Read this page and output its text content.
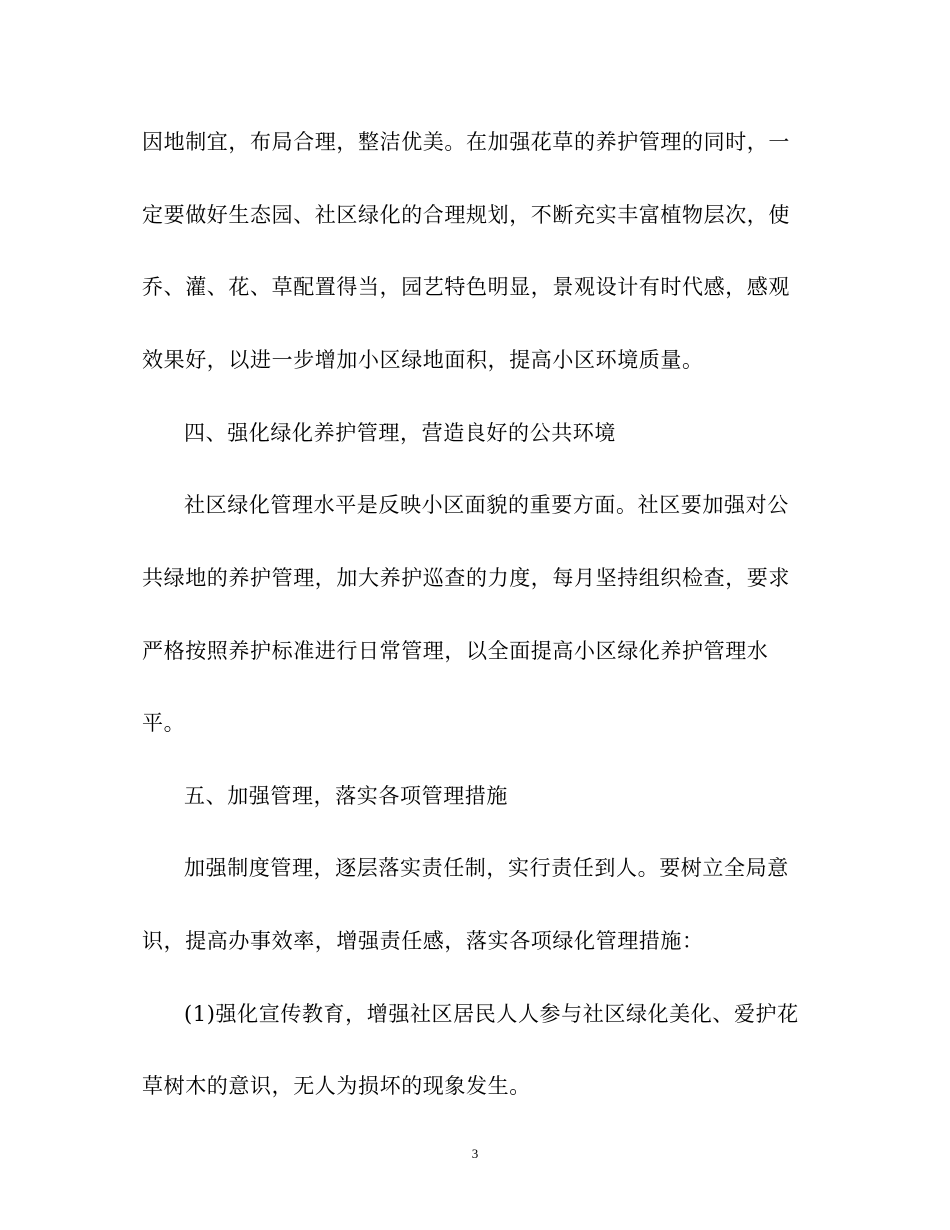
因地制宜，布局合理，整洁优美。在加强花草的养护管理的同时，一
定要做好生态园、社区绿化的合理规划，不断充实丰富植物层次，使
乔、灌、花、草配置得当，园艺特色明显，景观设计有时代感，感观
效果好，以进一步增加小区绿地面积，提高小区环境质量。
四、强化绿化养护管理，营造良好的公共环境
社区绿化管理水平是反映小区面貌的重要方面。社区要加强对公
共绿地的养护管理，加大养护巡查的力度，每月坚持组织检查，要求
严格按照养护标准进行日常管理，以全面提高小区绿化养护管理水
平。
五、加强管理，落实各项管理措施
加强制度管理，逐层落实责任制，实行责任到人。要树立全局意
识，提高办事效率，增强责任感，落实各项绿化管理措施：
(1)强化宣传教育，增强社区居民人人参与社区绿化美化、爱护花
草树木的意识，无人为损坏的现象发生。
3
